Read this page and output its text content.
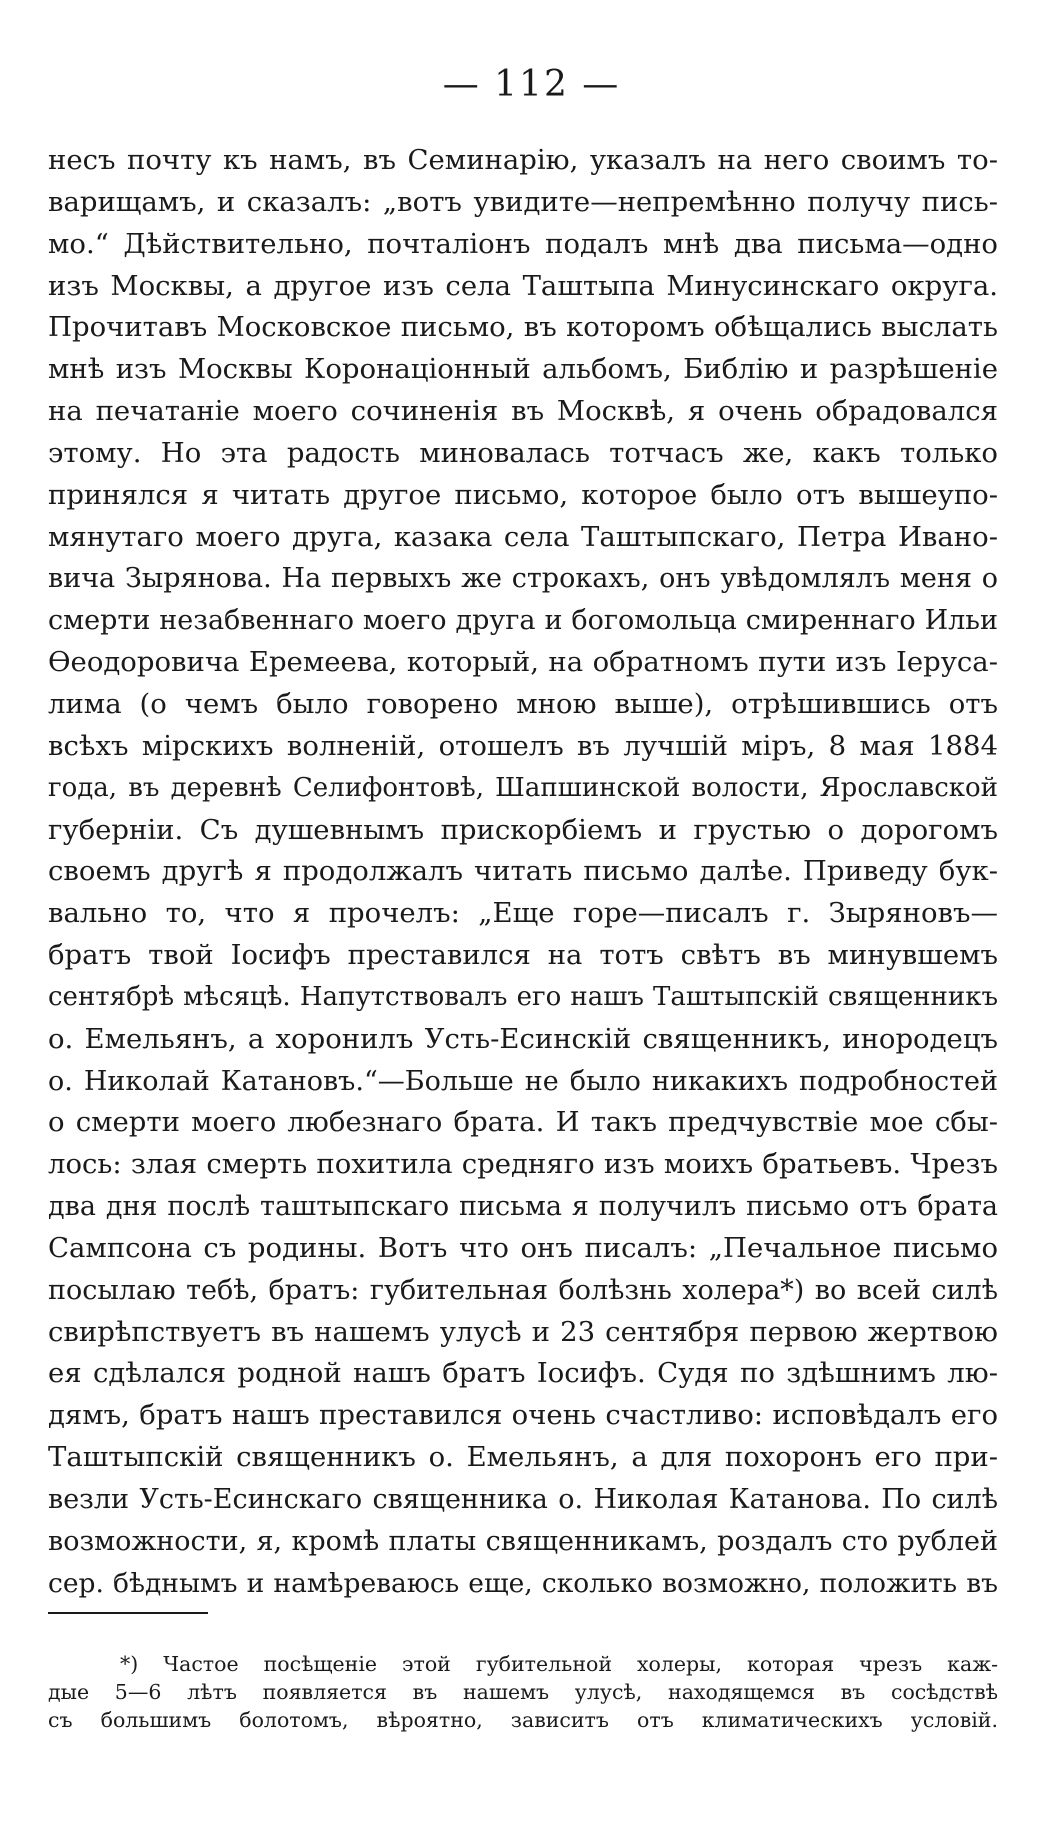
— 112 —
несъ почту къ намъ, въ Семинарію, указалъ на него своимъ то-
варищамъ, и сказалъ: „вотъ увидите—непремѣнно получу пись-
мо.“ Дѣйствительно, почталіонъ подалъ мнѣ два письма—одно
изъ Москвы, а другое изъ села Таштыпа Минусинскаго округа.
Прочитавъ Московское письмо, въ которомъ обѣщались выслать
мнѣ изъ Москвы Коронаціонный альбомъ, Библію и разрѣшеніе
на печатаніе моего сочиненія въ Москвѣ, я очень обрадовался
этому. Но эта радость миновалась тотчасъ же, какъ только
принялся я читать другое письмо, которое было отъ вышеупо-
мянутаго моего друга, казака села Таштыпскаго, Петра Ивано-
вича Зырянова. На первыхъ же строкахъ, онъ увѣдомлялъ меня о
смерти незабвеннаго моего друга и богомольца смиреннаго Ильи
Ѳеодоровича Еремеева, который, на обратномъ пути изъ Іеруса-
лима (о чемъ было говорено мною выше), отрѣшившись отъ
всѣхъ мірскихъ волненій, отошелъ въ лучшій міръ, 8 мая 1884
года, въ деревнѣ Селифонтовѣ, Шапшинской волости, Ярославской
губерніи. Съ душевнымъ прискорбіемъ и грустью о дорогомъ
своемъ другѣ я продолжалъ читать письмо далѣе. Приведу бук-
вально то, что я прочелъ: „Еще горе—писалъ г. Зыряновъ—
братъ твой Іосифъ преставился на тотъ свѣтъ въ минувшемъ
сентябрѣ мѣсяцѣ. Напутствовалъ его нашъ Таштыпскій священникъ
о. Емельянъ, а хоронилъ Усть-Есинскій священникъ, инородецъ
о. Николай Катановъ.“—Больше не было никакихъ подробностей
о смерти моего любезнаго брата. И такъ предчувствіе мое сбы-
лось: злая смерть похитила средняго изъ моихъ братьевъ. Чрезъ
два дня послѣ таштыпскаго письма я получилъ письмо отъ брата
Сампсона съ родины. Вотъ что онъ писалъ: „Печальное письмо
посылаю тебѣ, братъ: губительная болѣзнь холера*) во всей силѣ
свирѣпствуетъ въ нашемъ улусѣ и 23 сентября первою жертвою
ея сдѣлался родной нашъ братъ Іосифъ. Судя по здѣшнимъ лю-
дямъ, братъ нашъ преставился очень счастливо: исповѣдалъ его
Таштыпскій священникъ о. Емельянъ, а для похоронъ его при-
везли Усть-Есинскаго священника о. Николая Катанова. По силѣ
возможности, я, кромѣ платы священникамъ, роздалъ сто рублей
сер. бѣднымъ и намѣреваюсь еще, сколько возможно, положить въ
*) Частое посѣщеніе этой губительной холеры, которая чрезъ каж-
дые 5—6 лѣтъ появляется въ нашемъ улусѣ, находящемся въ сосѣдствѣ
съ большимъ болотомъ, вѣроятно, зависитъ отъ климатическихъ условій.
